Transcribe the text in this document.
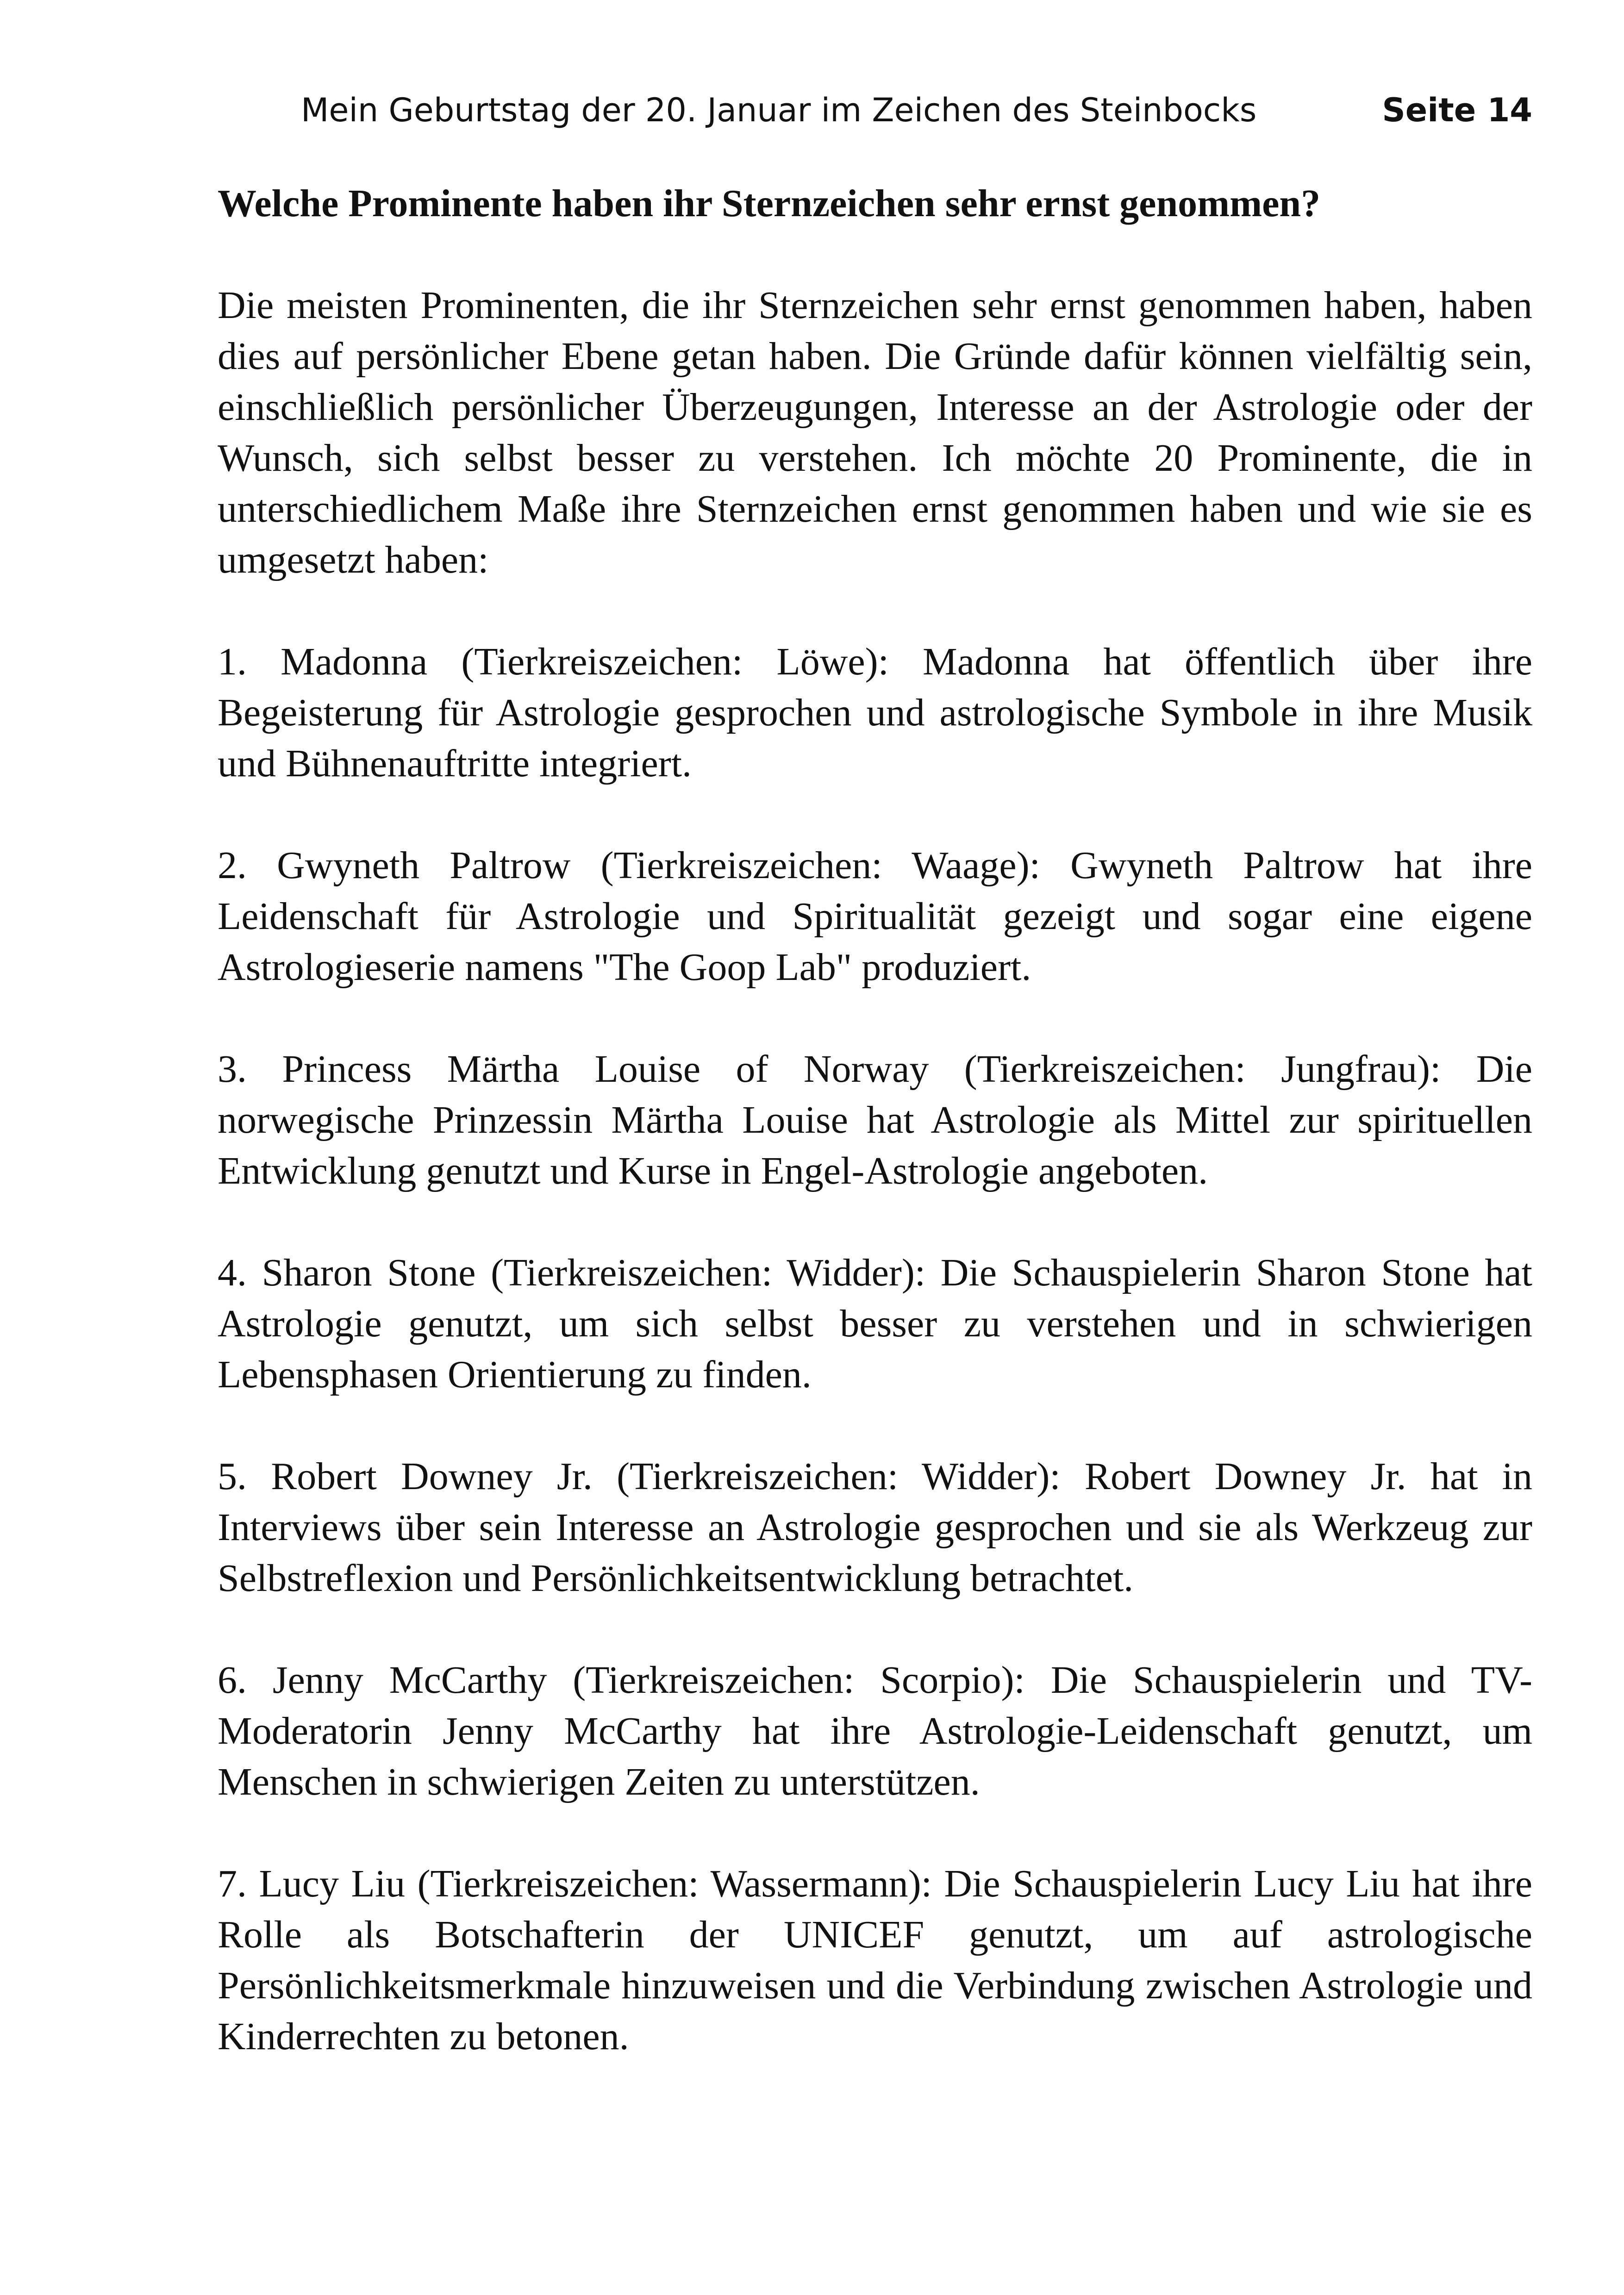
Mein Geburtstag der 20. Januar im Zeichen des Steinbocks	Seite 14
Welche Prominente haben ihr Sternzeichen sehr ernst genommen?

Die meisten Prominenten, die ihr Sternzeichen sehr ernst genommen haben, haben dies auf persönlicher Ebene getan haben. Die Gründe dafür können vielfältig sein, einschließlich persönlicher Überzeugungen, Interesse an der Astrologie oder der Wunsch, sich selbst besser zu verstehen. Ich möchte 20 Prominente, die in unterschiedlichem Maße ihre Sternzeichen ernst genommen haben und wie sie es umgesetzt haben:

1. Madonna (Tierkreiszeichen: Löwe): Madonna hat öffentlich über ihre Begeisterung für Astrologie gesprochen und astrologische Symbole in ihre Musik und Bühnenauftritte integriert.

2. Gwyneth Paltrow (Tierkreiszeichen: Waage): Gwyneth Paltrow hat ihre Leidenschaft für Astrologie und Spiritualität gezeigt und sogar eine eigene Astrologieserie namens "The Goop Lab" produziert.

3. Princess Märtha Louise of Norway (Tierkreiszeichen: Jungfrau): Die norwegische Prinzessin Märtha Louise hat Astrologie als Mittel zur spirituellen Entwicklung genutzt und Kurse in Engel-Astrologie angeboten.

4. Sharon Stone (Tierkreiszeichen: Widder): Die Schauspielerin Sharon Stone hat Astrologie genutzt, um sich selbst besser zu verstehen und in schwierigen Lebensphasen Orientierung zu finden.

5. Robert Downey Jr. (Tierkreiszeichen: Widder): Robert Downey Jr. hat in Interviews über sein Interesse an Astrologie gesprochen und sie als Werkzeug zur Selbstreflexion und Persönlichkeitsentwicklung betrachtet.

6. Jenny McCarthy (Tierkreiszeichen: Scorpio): Die Schauspielerin und TV-Moderatorin Jenny McCarthy hat ihre Astrologie-Leidenschaft genutzt, um Menschen in schwierigen Zeiten zu unterstützen.

7. Lucy Liu (Tierkreiszeichen: Wassermann): Die Schauspielerin Lucy Liu hat ihre Rolle als Botschafterin der UNICEF genutzt, um auf astrologische Persönlichkeitsmerkmale hinzuweisen und die Verbindung zwischen Astrologie und Kinderrechten zu betonen.
